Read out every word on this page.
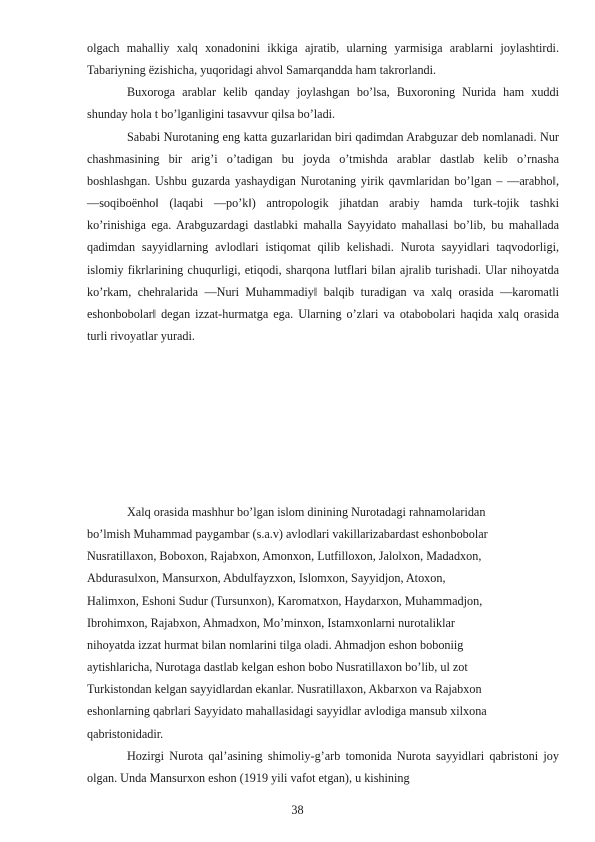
olgach mahalliy xalq xonadonini ikkiga ajratib, ularning yarmisiga arablarni joylashtirdi. Tabariyning ёzishicha, yuqoridagi ahvol Samarqandda ham takrorlandi.

Buxoroga arablar kelib qanday joylashgan bo’lsa, Buxoroning Nurida ham xuddi shunday hola t bo’lganligini tasavvur qilsa bo’ladi.

Sababi Nurotaning eng katta guzarlaridan biri qadimdan Arabguzar deb nomlanadi. Nur chashmasining bir arig’i o’tadigan bu joyda o’tmishda arablar dastlab kelib o’rnasha boshlashgan. Ushbu guzarda yashaydigan Nurotaning yirik qavmlaridan bo’lgan – ―arabho‖, ―soqiboёnho‖ (laqabi ―po’k‖) antropologik jihatdan arabiy hamda turk-tojik tashki ko’rinishiga ega. Arabguzardagi dastlabki mahalla Sayyidato mahallasi bo’lib, bu mahallada qadimdan sayyidlarning avlodlari istiqomat qilib kelishadi. Nurota sayyidlari taqvodorligi, islomiy fikrlarining chuqurligi, etiqodi, sharqona lutflari bilan ajralib turishadi. Ular nihoyatda ko’rkam, chehralarida ―Nuri Muhammadiy‖ balqib turadigan va xalq orasida ―karomatli eshonbobolar‖ degan izzat-hurmatga ega. Ularning o’zlari va otabobolari haqida xalq orasida turli rivoyatlar yuradi.

Xalq orasida mashhur bo’lgan islom dinining Nurotadagi rahnamolaridan
bo’lmish Muhammad paygambar (s.a.v) avlodlari vakillarizabardast eshonbobolar
Nusratillaxon, Boboxon, Rajabxon, Amonxon, Lutfilloxon, Jalolxon, Madadxon,
Abdurasulxon, Mansurxon, Abdulfayzxon, Islomxon, Sayyidjon, Atoxon,
Halimxon, Eshoni Sudur (Tursunxon), Karomatxon, Haydarxon, Muhammadjon,
Ibrohimxon, Rajabxon, Ahmadxon, Mo’minxon, Istamxonlarni nurotaliklar
nihoyatda izzat hurmat bilan nomlarini tilga oladi. Ahmadjon eshon boboniig
aytishlaricha, Nurotaga dastlab kelgan eshon bobo Nusratillaxon bo’lib, ul zot
Turkistondan kelgan sayyidlardan ekanlar. Nusratillaxon, Akbarxon va Rajabxon
eshonlarning qabrlari Sayyidato mahallasidagi sayyidlar avlodiga mansub xilxona
qabristonidadir.

Hozirgi Nurota qal’asining shimoliy-g’arb tomonida Nurota sayyidlari qabristoni joy olgan. Unda Mansurxon eshon (1919 yili vafot etgan), u kishining

38
